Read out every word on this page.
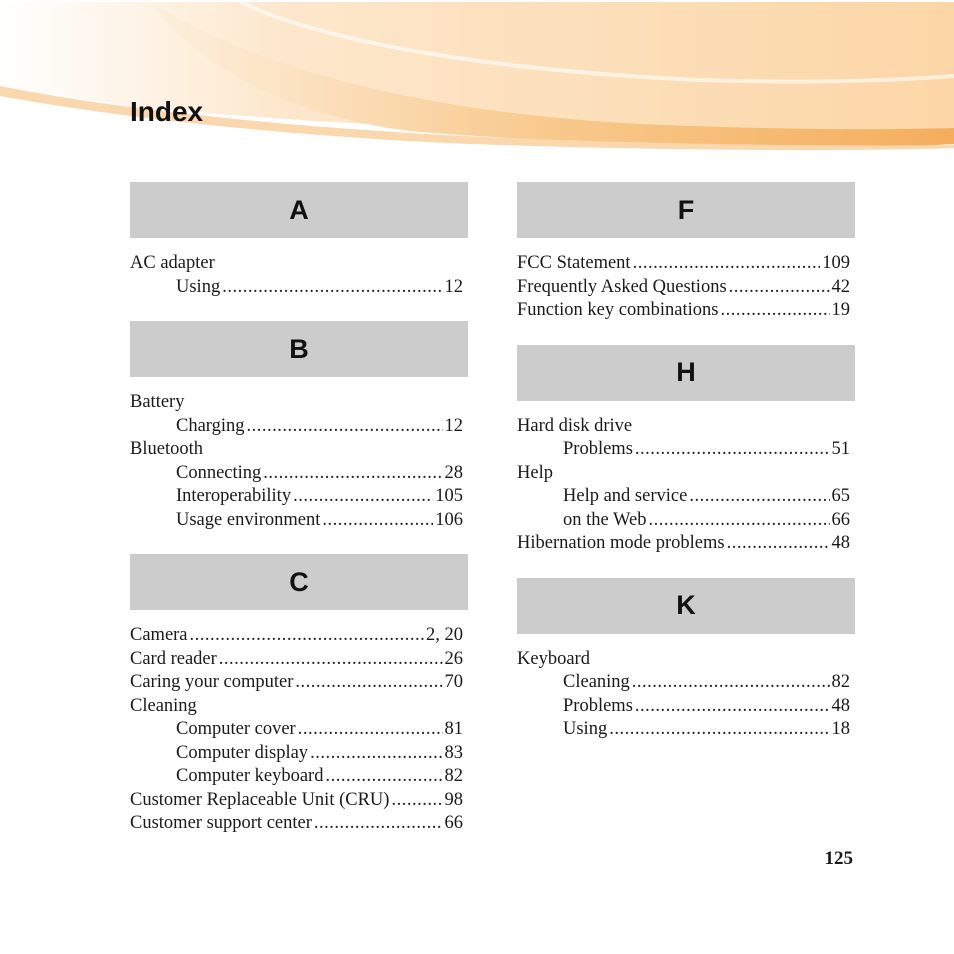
Index
A
AC adapter
Using .....	12
B
Battery
Charging .....	12
Bluetooth
Connecting .....	28
Interoperability .....	105
Usage environment .....	106
C
Camera .....	2, 20
Card reader .....	26
Caring your computer .....	70
Cleaning
Computer cover .....	81
Computer display .....	83
Computer keyboard .....	82
Customer Replaceable Unit (CRU) .....	98
Customer support center .....	66
F
FCC Statement .....	109
Frequently Asked Questions .....	42
Function key combinations .....	19
H
Hard disk drive
Problems .....	51
Help
Help and service .....	65
on the Web .....	66
Hibernation mode problems .....	48
K
Keyboard
Cleaning .....	82
Problems .....	48
Using .....	18
125
